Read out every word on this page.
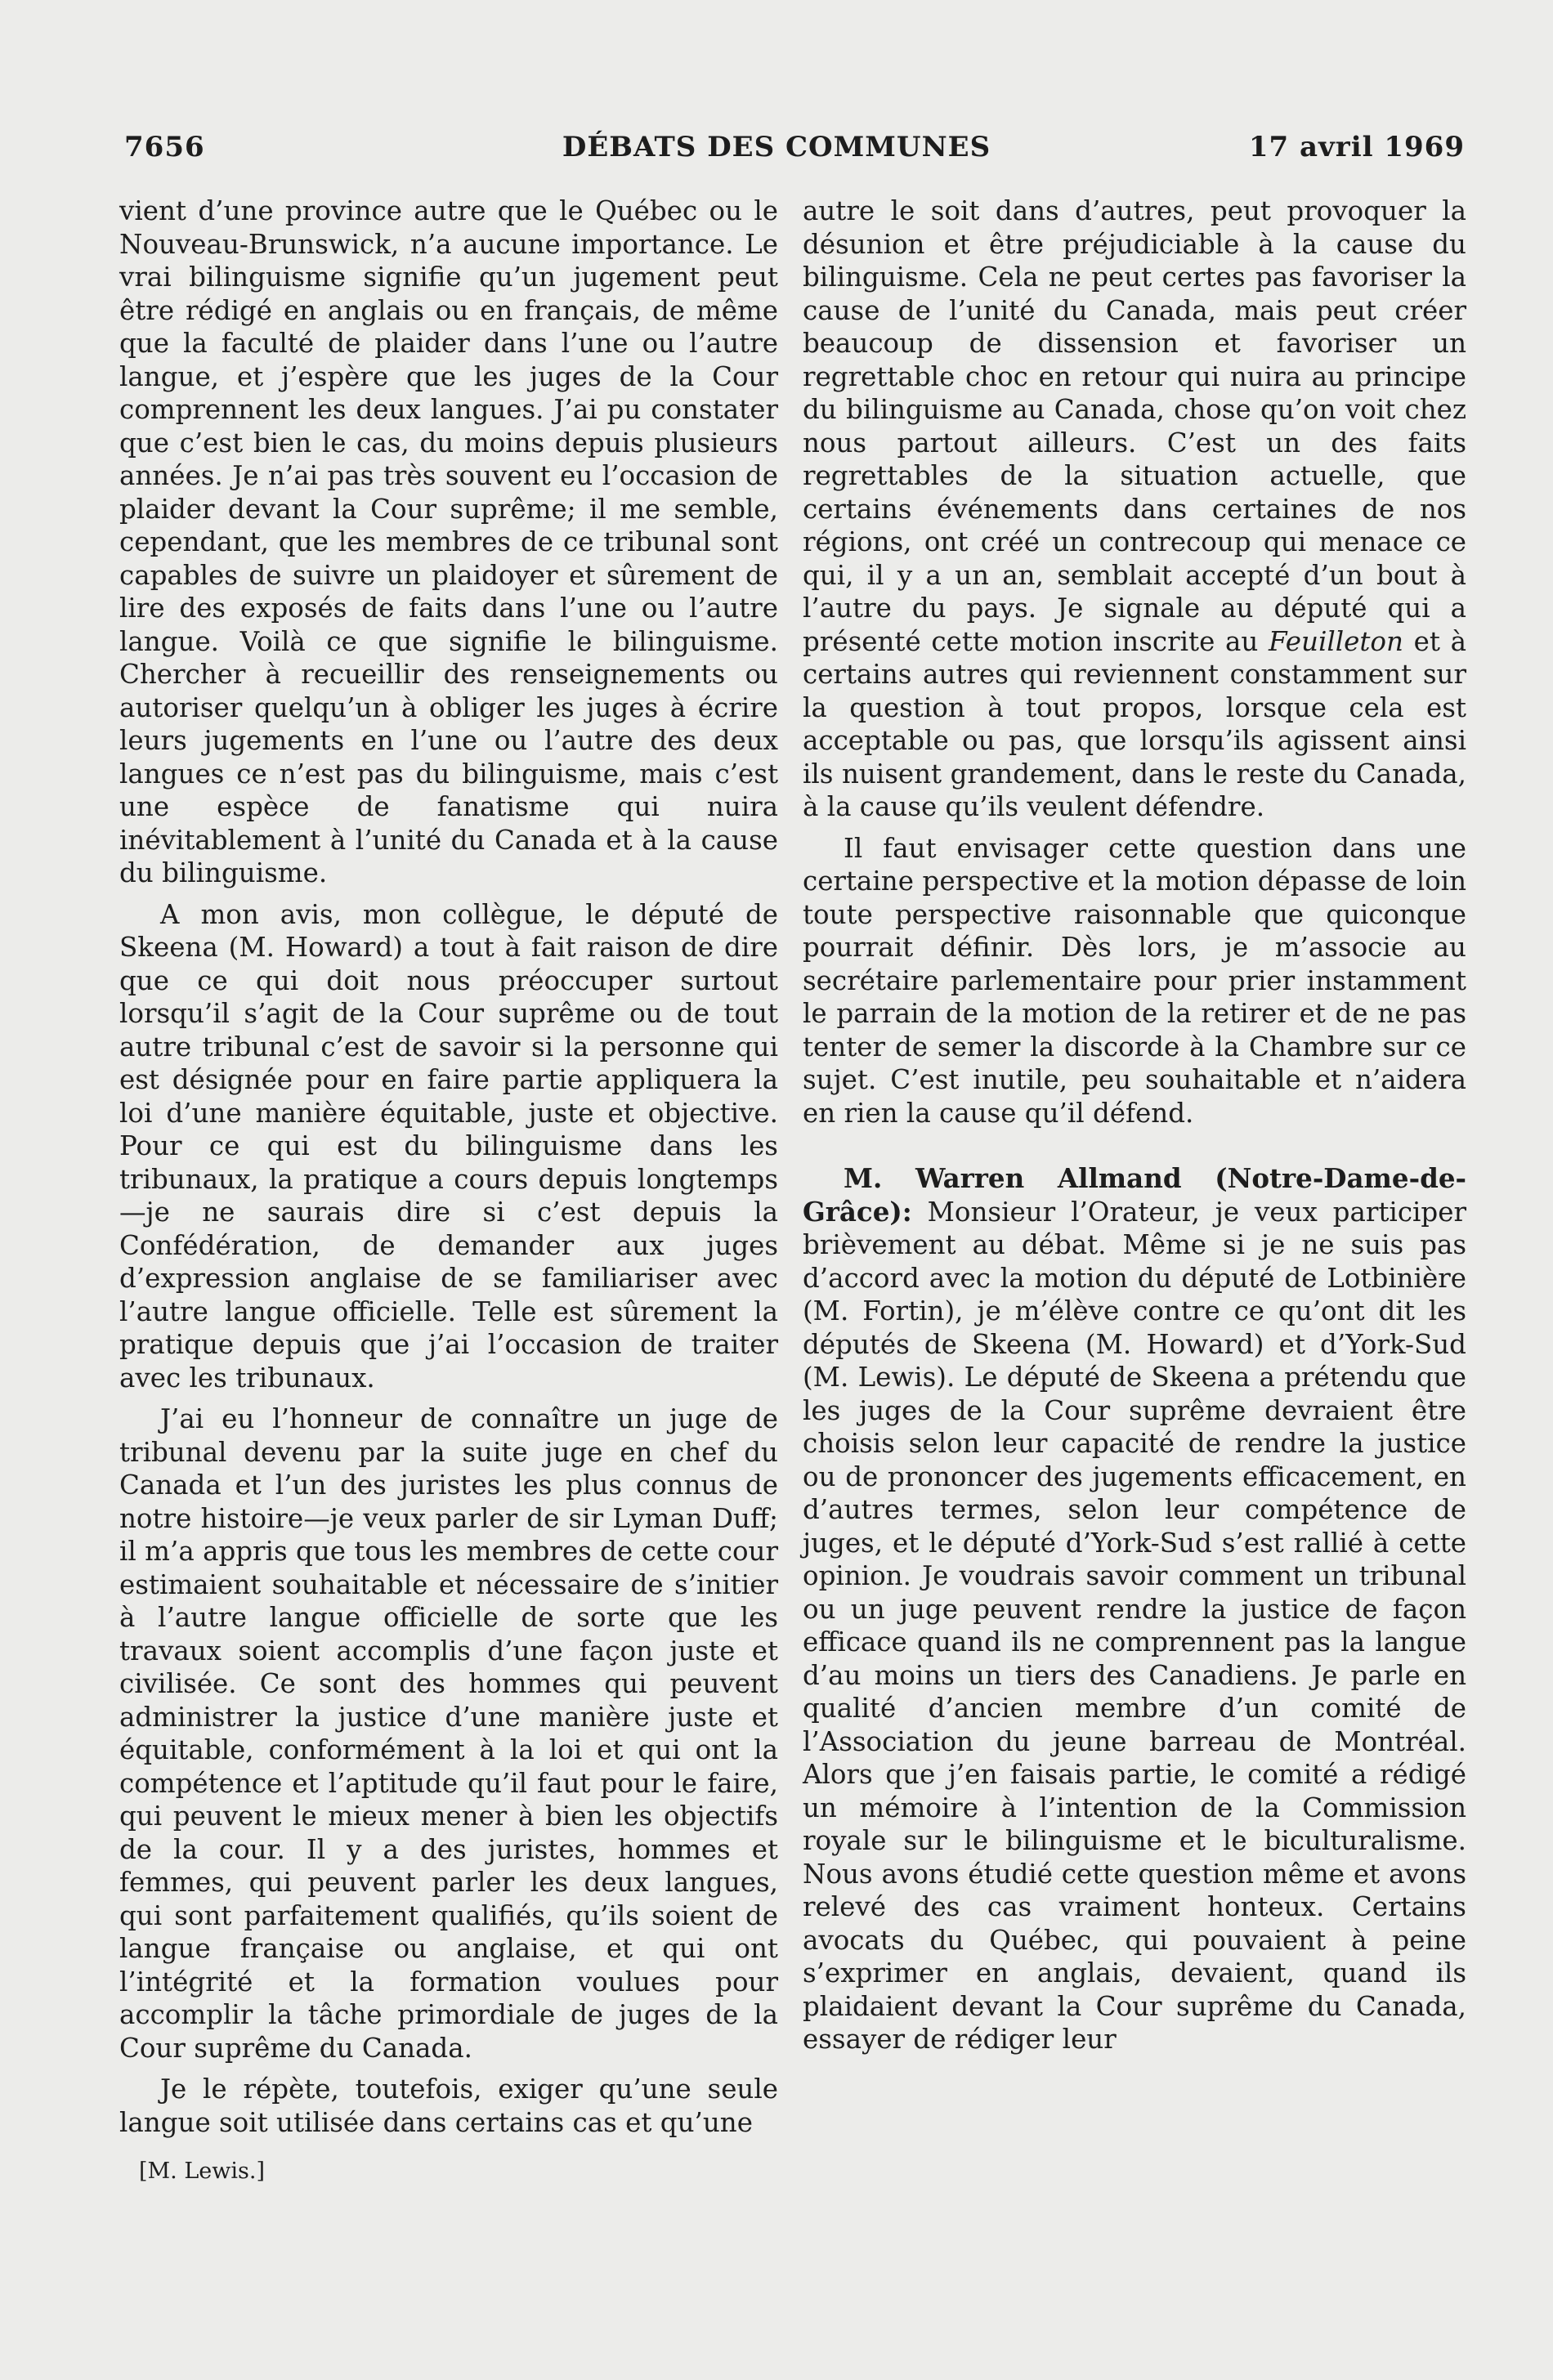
DÉBATS DES COMMUNES
7656	17 avril 1969

vient d’une province autre que le Québec ou le Nouveau-Brunswick, n’a aucune importance. Le vrai bilinguisme signifie qu’un jugement peut être rédigé en anglais ou en français, de même que la faculté de plaider dans l’une ou l’autre langue, et j’espère que les juges de la Cour comprennent les deux langues. J’ai pu constater que c’est bien le cas, du moins depuis plusieurs années. Je n’ai pas très souvent eu l’occasion de plaider devant la Cour suprême; il me semble, cependant, que les membres de ce tribunal sont capables de suivre un plaidoyer et sûrement de lire des exposés de faits dans l’une ou l’autre langue. Voilà ce que signifie le bilinguisme. Chercher à recueillir des renseignements ou autoriser quelqu’un à obliger les juges à écrire leurs jugements en l’une ou l’autre des deux langues ce n’est pas du bilinguisme, mais c’est une espèce de fanatisme qui nuira inévitablement à l’unité du Canada et à la cause du bilinguisme.

A mon avis, mon collègue, le député de Skeena (M. Howard) a tout à fait raison de dire que ce qui doit nous préoccuper surtout lorsqu’il s’agit de la Cour suprême ou de tout autre tribunal c’est de savoir si la personne qui est désignée pour en faire partie appliquera la loi d’une manière équitable, juste et objective. Pour ce qui est du bilinguisme dans les tribunaux, la pratique a cours depuis longtemps—je ne saurais dire si c’est depuis la Confédération, de demander aux juges d’expression anglaise de se familiariser avec l’autre langue officielle. Telle est sûrement la pratique depuis que j’ai l’occasion de traiter avec les tribunaux.

J’ai eu l’honneur de connaître un juge de tribunal devenu par la suite juge en chef du Canada et l’un des juristes les plus connus de notre histoire—je veux parler de sir Lyman Duff; il m’a appris que tous les membres de cette cour estimaient souhaitable et nécessaire de s’initier à l’autre langue officielle de sorte que les travaux soient accomplis d’une façon juste et civilisée. Ce sont des hommes qui peuvent administrer la justice d’une manière juste et équitable, conformément à la loi et qui ont la compétence et l’aptitude qu’il faut pour le faire, qui peuvent le mieux mener à bien les objectifs de la cour. Il y a des juristes, hommes et femmes, qui peuvent parler les deux langues, qui sont parfaitement qualifiés, qu’ils soient de langue française ou anglaise, et qui ont l’intégrité et la formation voulues pour accomplir la tâche primordiale de juges de la Cour suprême du Canada.

Je le répète, toutefois, exiger qu’une seule langue soit utilisée dans certains cas et qu’une

autre le soit dans d’autres, peut provoquer la désunion et être préjudiciable à la cause du bilinguisme. Cela ne peut certes pas favoriser la cause de l’unité du Canada, mais peut créer beaucoup de dissension et favoriser un regrettable choc en retour qui nuira au principe du bilinguisme au Canada, chose qu’on voit chez nous partout ailleurs. C’est un des faits regrettables de la situation actuelle, que certains événements dans certaines de nos régions, ont créé un contrecoup qui menace ce qui, il y a un an, semblait accepté d’un bout à l’autre du pays. Je signale au député qui a présenté cette motion inscrite au Feuilleton et à certains autres qui reviennent constamment sur la question à tout propos, lorsque cela est acceptable ou pas, que lorsqu’ils agissent ainsi ils nuisent grandement, dans le reste du Canada, à la cause qu’ils veulent défendre.

Il faut envisager cette question dans une certaine perspective et la motion dépasse de loin toute perspective raisonnable que quiconque pourrait définir. Dès lors, je m’associe au secrétaire parlementaire pour prier instamment le parrain de la motion de la retirer et de ne pas tenter de semer la discorde à la Chambre sur ce sujet. C’est inutile, peu souhaitable et n’aidera en rien la cause qu’il défend.

M. Warren Allmand (Notre-Dame-de-Grâce): Monsieur l’Orateur, je veux participer brièvement au débat. Même si je ne suis pas d’accord avec la motion du député de Lotbinière (M. Fortin), je m’élève contre ce qu’ont dit les députés de Skeena (M. Howard) et d’York-Sud (M. Lewis). Le député de Skeena a prétendu que les juges de la Cour suprême devraient être choisis selon leur capacité de rendre la justice ou de prononcer des jugements efficacement, en d’autres termes, selon leur compétence de juges, et le député d’York-Sud s’est rallié à cette opinion. Je voudrais savoir comment un tribunal ou un juge peuvent rendre la justice de façon efficace quand ils ne comprennent pas la langue d’au moins un tiers des Canadiens. Je parle en qualité d’ancien membre d’un comité de l’Association du jeune barreau de Montréal. Alors que j’en faisais partie, le comité a rédigé un mémoire à l’intention de la Commission royale sur le bilinguisme et le biculturalisme. Nous avons étudié cette question même et avons relevé des cas vraiment honteux. Certains avocats du Québec, qui pouvaient à peine s’exprimer en anglais, devaient, quand ils plaidaient devant la Cour suprême du Canada, essayer de rédiger leur

[M. Lewis.]
